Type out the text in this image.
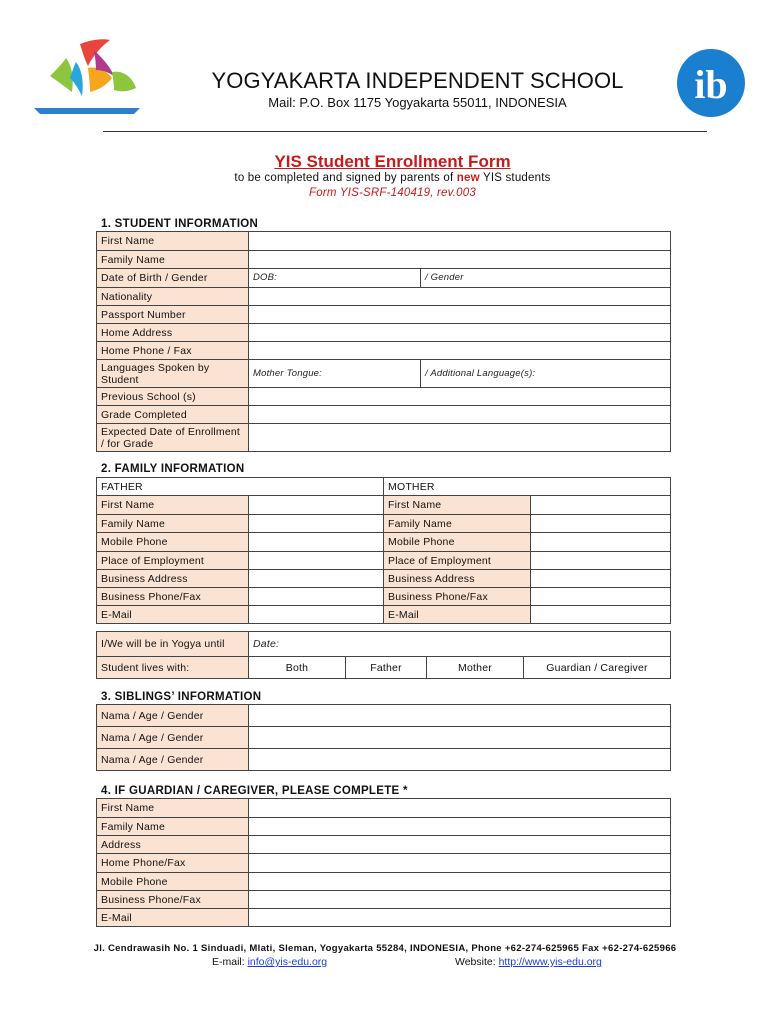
ib
YOGYAKARTA INDEPENDENT SCHOOL
Mail: P.O. Box 1175 Yogyakarta 55011, INDONESIA
YIS Student Enrollment Form
to be completed and signed by parents of new YIS students
Form YIS-SRF-140419, rev.003
1. STUDENT INFORMATION
First Name		
Family Name		
Date of Birth / Gender	DOB:	/ Gender
Nationality		
Passport Number		
Home Address		
Home Phone / Fax		
Languages Spoken by Student	Mother Tongue:	/ Additional Language(s):
Previous School (s)		
Grade Completed		
Expected Date of Enrollment / for Grade		
2. FAMILY INFORMATION
FATHER		MOTHER	
First Name		First Name	
Family Name		Family Name	
Mobile Phone		Mobile Phone	
Place of Employment		Place of Employment	
Business Address		Business Address	
Business Phone/Fax		Business Phone/Fax	
E-Mail		E-Mail	
I/We will be in Yogya until	Date:			
Student lives with:	Both	Father	Mother	Guardian / Caregiver
3. SIBLINGS’ INFORMATION
Nama / Age / Gender	
Nama / Age / Gender	
Nama / Age / Gender	
4. IF GUARDIAN / CAREGIVER, PLEASE COMPLETE *
First Name	
Family Name	
Address	
Home Phone/Fax	
Mobile Phone	
Business Phone/Fax	
E-Mail	
Jl. Cendrawasih No. 1 Sinduadi, Mlati, Sleman, Yogyakarta 55284, INDONESIA, Phone +62-274-625965 Fax +62-274-625966
E-mail: info@yis-edu.org	Website: http://www.yis-edu.org
